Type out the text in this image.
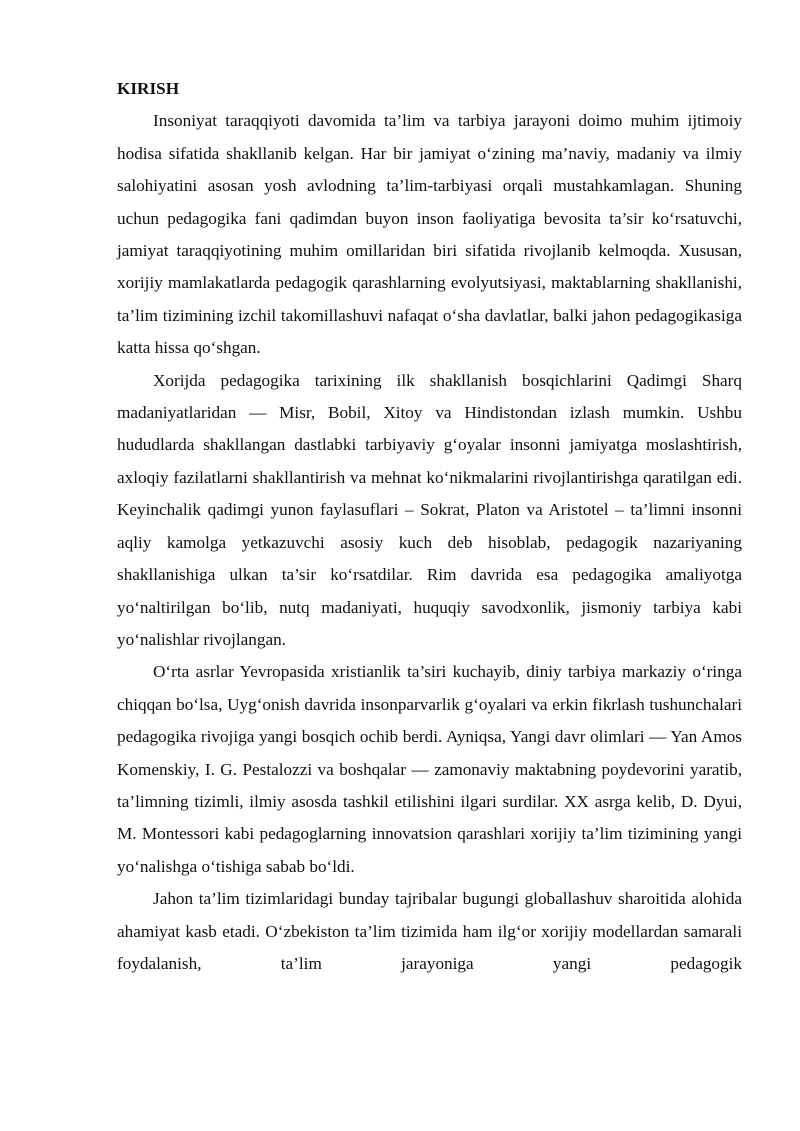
KIRISH

Insoniyat taraqqiyoti davomida ta’lim va tarbiya jarayoni doimo muhim ijtimoiy hodisa sifatida shakllanib kelgan. Har bir jamiyat o‘zining ma’naviy, madaniy va ilmiy salohiyatini asosan yosh avlodning ta’lim-tarbiyasi orqali mustahkamlagan. Shuning uchun pedagogika fani qadimdan buyon inson faoliyatiga bevosita ta’sir ko‘rsatuvchi, jamiyat taraqqiyotining muhim omillaridan biri sifatida rivojlanib kelmoqda. Xususan, xorijiy mamlakatlarda pedagogik qarashlarning evolyutsiyasi, maktablarning shakllanishi, ta’lim tizimining izchil takomillashuvi nafaqat o‘sha davlatlar, balki jahon pedagogikasiga katta hissa qo‘shgan.

Xorijda pedagogika tarixining ilk shakllanish bosqichlarini Qadimgi Sharq madaniyatlaridan — Misr, Bobil, Xitoy va Hindistondan izlash mumkin. Ushbu hududlarda shakllangan dastlabki tarbiyaviy g‘oyalar insonni jamiyatga moslashtirish, axloqiy fazilatlarni shakllantirish va mehnat ko‘nikmalarini rivojlantirishga qaratilgan edi. Keyinchalik qadimgi yunon faylasuflari – Sokrat, Platon va Aristotel – ta’limni insonni aqliy kamolga yetkazuvchi asosiy kuch deb hisoblab, pedagogik nazariyaning shakllanishiga ulkan ta’sir ko‘rsatdilar. Rim davrida esa pedagogika amaliyotga yo‘naltirilgan bo‘lib, nutq madaniyati, huquqiy savodxonlik, jismoniy tarbiya kabi yo‘nalishlar rivojlangan.

O‘rta asrlar Yevropasida xristianlik ta’siri kuchayib, diniy tarbiya markaziy o‘ringa chiqqan bo‘lsa, Uyg‘onish davrida insonparvarlik g‘oyalari va erkin fikrlash tushunchalari pedagogika rivojiga yangi bosqich ochib berdi. Ayniqsa, Yangi davr olimlari — Yan Amos Komenskiy, I. G. Pestalozzi va boshqalar — zamonaviy maktabning poydevorini yaratib, ta’limning tizimli, ilmiy asosda tashkil etilishini ilgari surdilar. XX asrga kelib, D. Dyui, M. Montessori kabi pedagoglarning innovatsion qarashlari xorijiy ta’lim tizimining yangi yo‘nalishga o‘tishiga sabab bo‘ldi.

Jahon ta’lim tizimlaridagi bunday tajribalar bugungi globallashuv sharoitida alohida ahamiyat kasb etadi. O‘zbekiston ta’lim tizimida ham ilg‘or xorijiy modellardan samarali foydalanish, ta’lim jarayoniga yangi pedagogik
